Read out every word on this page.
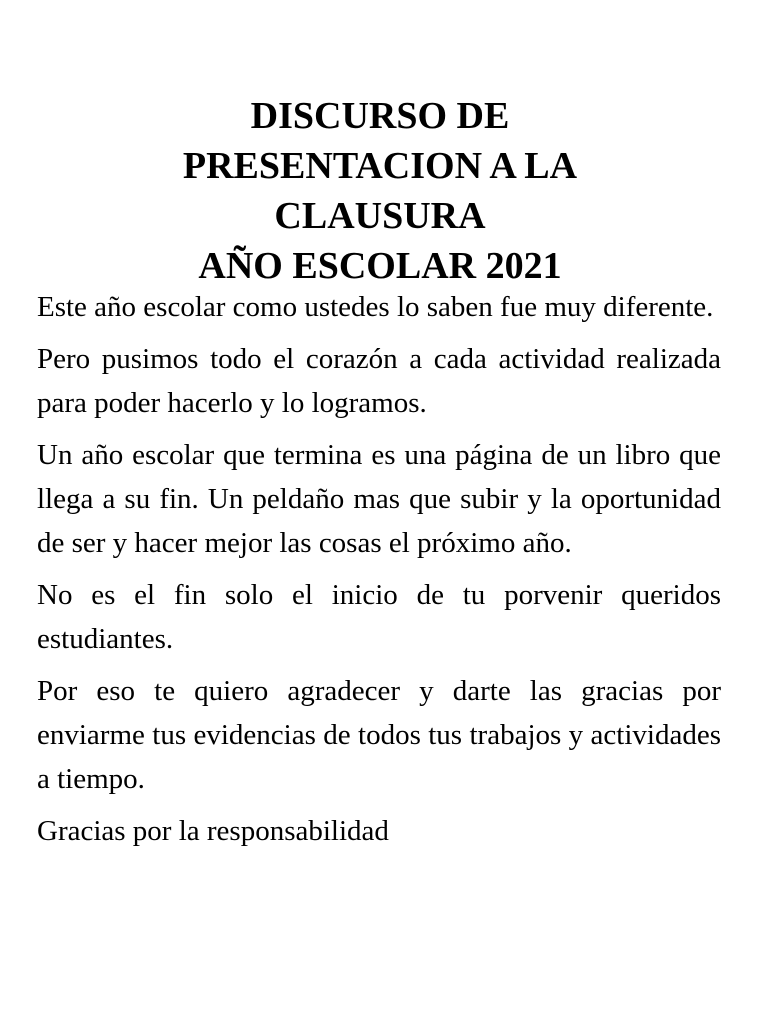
DISCURSO DE
PRESENTACION A LA
CLAUSURA
AÑO ESCOLAR 2021

Este año escolar como ustedes lo saben fue muy diferente.

Pero pusimos todo el corazón a cada actividad realizada para poder hacerlo y lo logramos.

Un año escolar que termina es una página de un libro que llega a su fin. Un peldaño mas que subir y la oportunidad de ser y hacer mejor las cosas el próximo año.

No es el fin solo el inicio de tu porvenir queridos estudiantes.

Por eso te quiero agradecer y darte las gracias por enviarme tus evidencias de todos tus trabajos y actividades a tiempo.

Gracias por la responsabilidad
